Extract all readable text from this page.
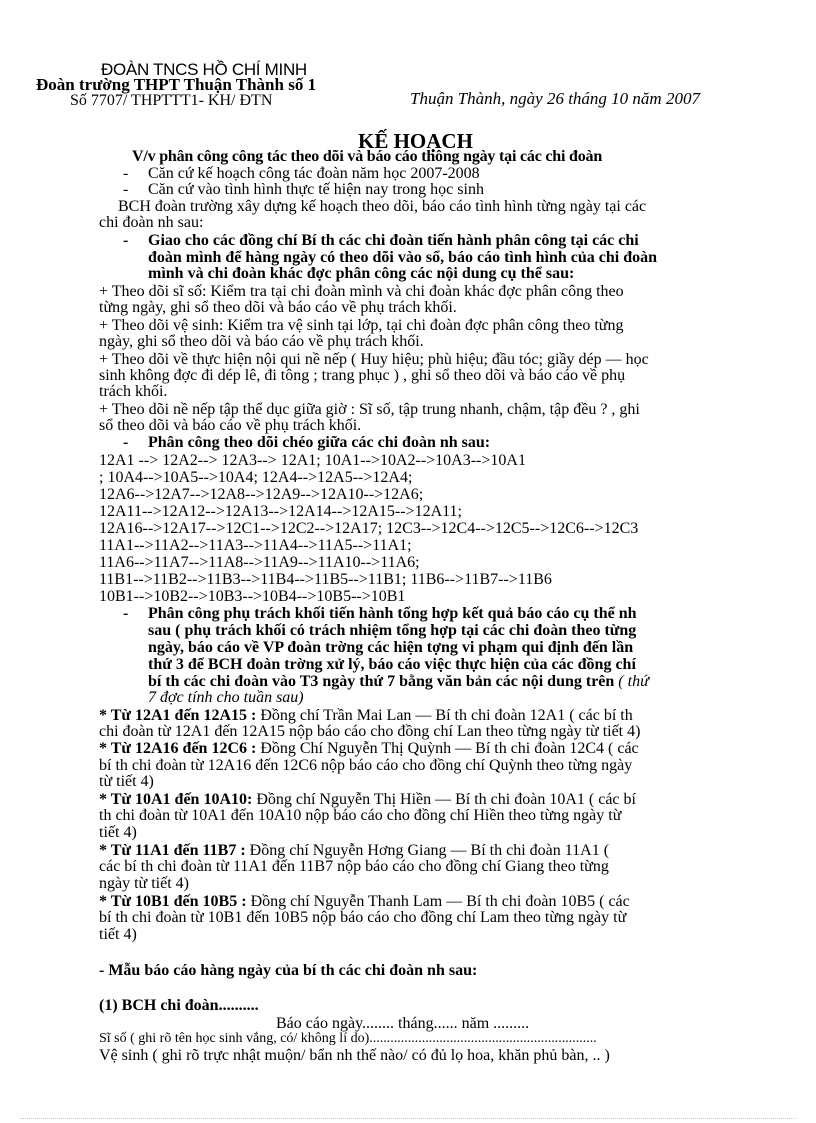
ĐOÀN TNCS HỒ CHÍ MINH
Đoàn trường THPT Thuận Thành số 1
Số 7707/ THPTTT1- KH/ ĐTN	Thuận Thành, ngày 26 tháng 10 năm 2007
KẾ HOẠCH
V/v phân công công tác theo dõi và báo cáo thông ngày tại các chi đoàn
- Căn cứ kế hoạch công tác đoàn năm học 2007-2008
- Căn cứ vào tình hình thực tế hiện nay trong học sinh
BCH đoàn trường xây dựng kế hoạch theo dõi, báo cáo tình hình từng ngày tại các
chi đoàn nh sau:
- Giao cho các đồng chí Bí th các chi đoàn tiến hành phân công tại các chi
đoàn mình để hàng ngày có theo dõi vào sổ, báo cáo tình hình của chi đoàn
mình và chi đoàn khác đợc phân công các nội dung cụ thể sau:
+ Theo dõi sĩ số: Kiểm tra tại chi đoàn mình và chi đoàn khác đợc phân công theo
từng ngày, ghi sổ theo dõi và báo cáo về phụ trách khối.
+ Theo dõi vệ sinh: Kiểm tra vệ sinh tại lớp, tại chi đoàn đợc phân công theo từng
ngày, ghi sổ theo dõi và báo cáo về phụ trách khối.
+ Theo dõi về thực hiện nội qui nề nếp ( Huy hiệu; phù hiệu; đầu tóc; giầy dép — học
sinh không đợc đi dép lê, đi tông ; trang phục ) , ghi sổ theo dõi và báo cáo về phụ
trách khối.
+ Theo dõi nề nếp tập thể dục giữa giờ : Sĩ số, tập trung nhanh, chậm, tập đều ? , ghi
sổ theo dõi và báo cáo về phụ trách khối.
- Phân công theo dõi chéo giữa các chi đoàn nh sau:
12A1 --> 12A2--> 12A3--> 12A1; 10A1-->10A2-->10A3-->10A1
; 10A4-->10A5-->10A4; 12A4-->12A5-->12A4;
12A6-->12A7-->12A8-->12A9-->12A10-->12A6;
12A11-->12A12-->12A13-->12A14-->12A15-->12A11;
12A16-->12A17-->12C1-->12C2-->12A17; 12C3-->12C4-->12C5-->12C6-->12C3
11A1-->11A2-->11A3-->11A4-->11A5-->11A1;
11A6-->11A7-->11A8-->11A9-->11A10-->11A6;
11B1-->11B2-->11B3-->11B4-->11B5-->11B1; 11B6-->11B7-->11B6
10B1-->10B2-->10B3-->10B4-->10B5-->10B1
- Phân công phụ trách khối tiến hành tổng hợp kết quả báo cáo cụ thể nh
sau ( phụ trách khối có trách nhiệm tổng hợp tại các chi đoàn theo từng
ngày, báo cáo về VP đoàn trờng các hiện tợng vi phạm qui định đến lần
thứ 3 để BCH đoàn trờng xử lý, báo cáo việc thực hiện của các đồng chí
bí th các chi đoàn vào T3 ngày thứ 7 bằng văn bản các nội dung trên ( thứ
7 đợc tính cho tuần sau)
* Từ 12A1 đến 12A15 : Đồng chí Trần Mai Lan — Bí th chi đoàn 12A1 ( các bí th
chi đoàn từ 12A1 đến 12A15 nộp báo cáo cho đồng chí Lan theo từng ngày từ tiết 4)
* Từ 12A16 đến 12C6 : Đồng Chí Nguyễn Thị Quỳnh — Bí th chi đoàn 12C4 ( các
bí th chi đoàn từ 12A16 đến 12C6 nộp báo cáo cho đồng chí Quỳnh theo từng ngày
từ tiết 4)
* Từ 10A1 đến 10A10: Đồng chí Nguyễn Thị Hiền — Bí th chi đoàn 10A1 ( các bí
th chi đoàn từ 10A1 đến 10A10 nộp báo cáo cho đồng chí Hiền theo từng ngày từ
tiết 4)
* Từ 11A1 đến 11B7 : Đồng chí Nguyễn Hơng Giang — Bí th chi đoàn 11A1 (
các bí th chi đoàn từ 11A1 đến 11B7 nộp báo cáo cho đồng chí Giang theo từng
ngày từ tiết 4)
* Từ 10B1 đến 10B5 : Đồng chí Nguyễn Thanh Lam — Bí th chi đoàn 10B5 ( các
bí th chi đoàn từ 10B1 đến 10B5 nộp báo cáo cho đồng chí Lam theo từng ngày từ
tiết 4)
- Mẫu báo cáo hàng ngày của bí th các chi đoàn nh sau:
(1) BCH chi đoàn..........
Báo cáo ngày........ tháng...... năm .........
Sĩ số ( ghi rõ tên học sinh vắng, có/ không lí do).................................................................
Vệ sinh ( ghi rõ trực nhật muộn/ bẩn nh thế nào/ có đủ lọ hoa, khăn phủ bàn, .. )
